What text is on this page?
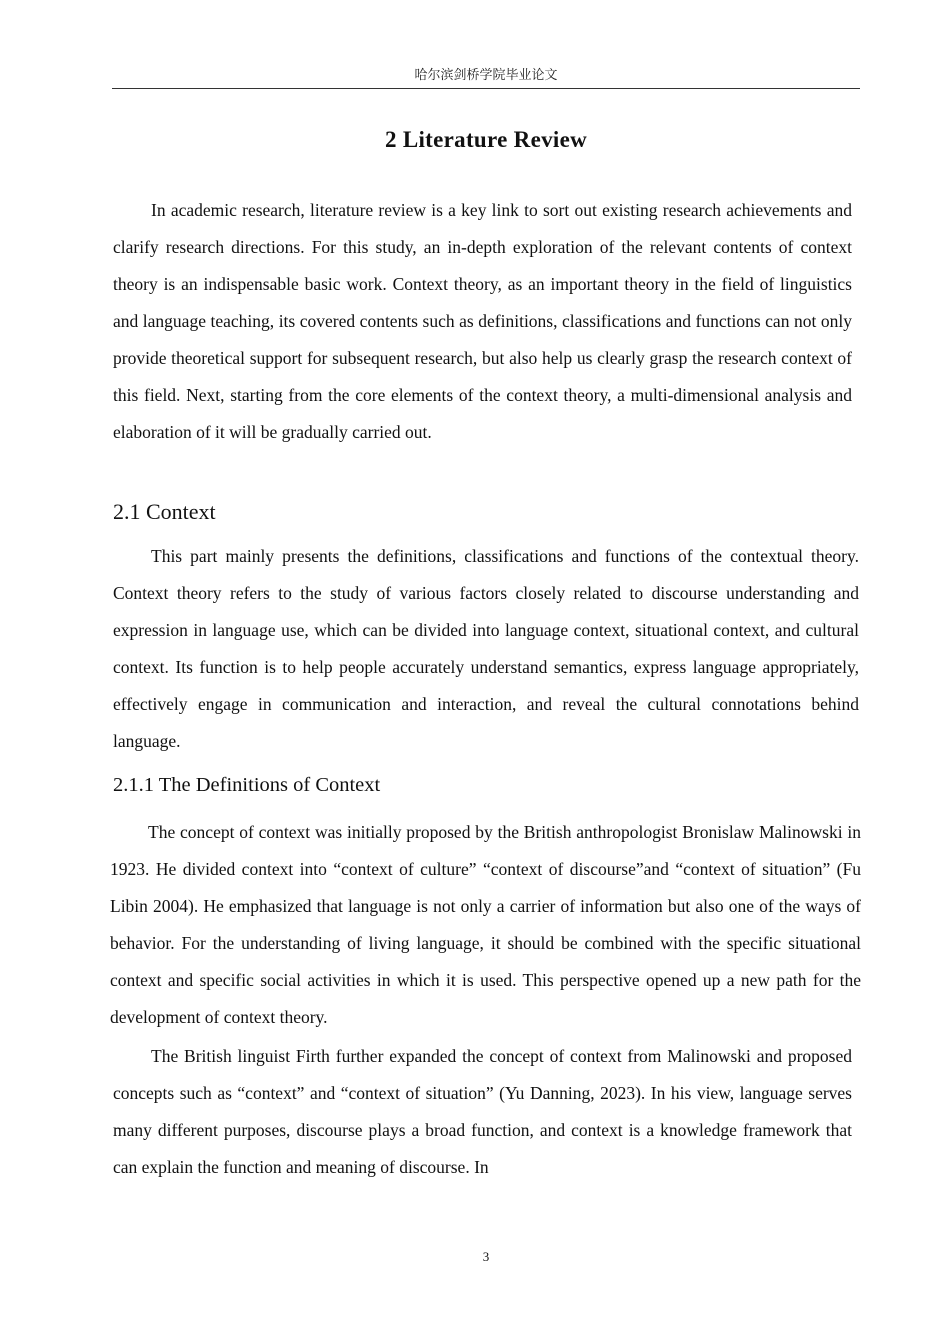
哈尔滨剑桥学院毕业论文
2 Literature Review

In academic research, literature review is a key link to sort out existing research achievements and clarify research directions. For this study, an in-depth exploration of the relevant contents of context theory is an indispensable basic work. Context theory, as an important theory in the field of linguistics and language teaching, its covered contents such as definitions, classifications and functions can not only provide theoretical support for subsequent research, but also help us clearly grasp the research context of this field. Next, starting from the core elements of the context theory, a multi-dimensional analysis and elaboration of it will be gradually carried out.

2.1 Context

This part mainly presents the definitions, classifications and functions of the contextual theory. Context theory refers to the study of various factors closely related to discourse understanding and expression in language use, which can be divided into language context, situational context, and cultural context. Its function is to help people accurately understand semantics, express language appropriately, effectively engage in communication and interaction, and reveal the cultural connotations behind language.

2.1.1 The Definitions of Context

The concept of context was initially proposed by the British anthropologist Bronislaw Malinowski in 1923. He divided context into “context of culture” “context of discourse”and “context of situation” (Fu Libin 2004). He emphasized that language is not only a carrier of information but also one of the ways of behavior. For the understanding of living language, it should be combined with the specific situational context and specific social activities in which it is used. This perspective opened up a new path for the development of context theory.

The British linguist Firth further expanded the concept of context from Malinowski and proposed concepts such as “context” and “context of situation” (Yu Danning, 2023). In his view, language serves many different purposes, discourse plays a broad function, and context is a knowledge framework that can explain the function and meaning of discourse. In

3
